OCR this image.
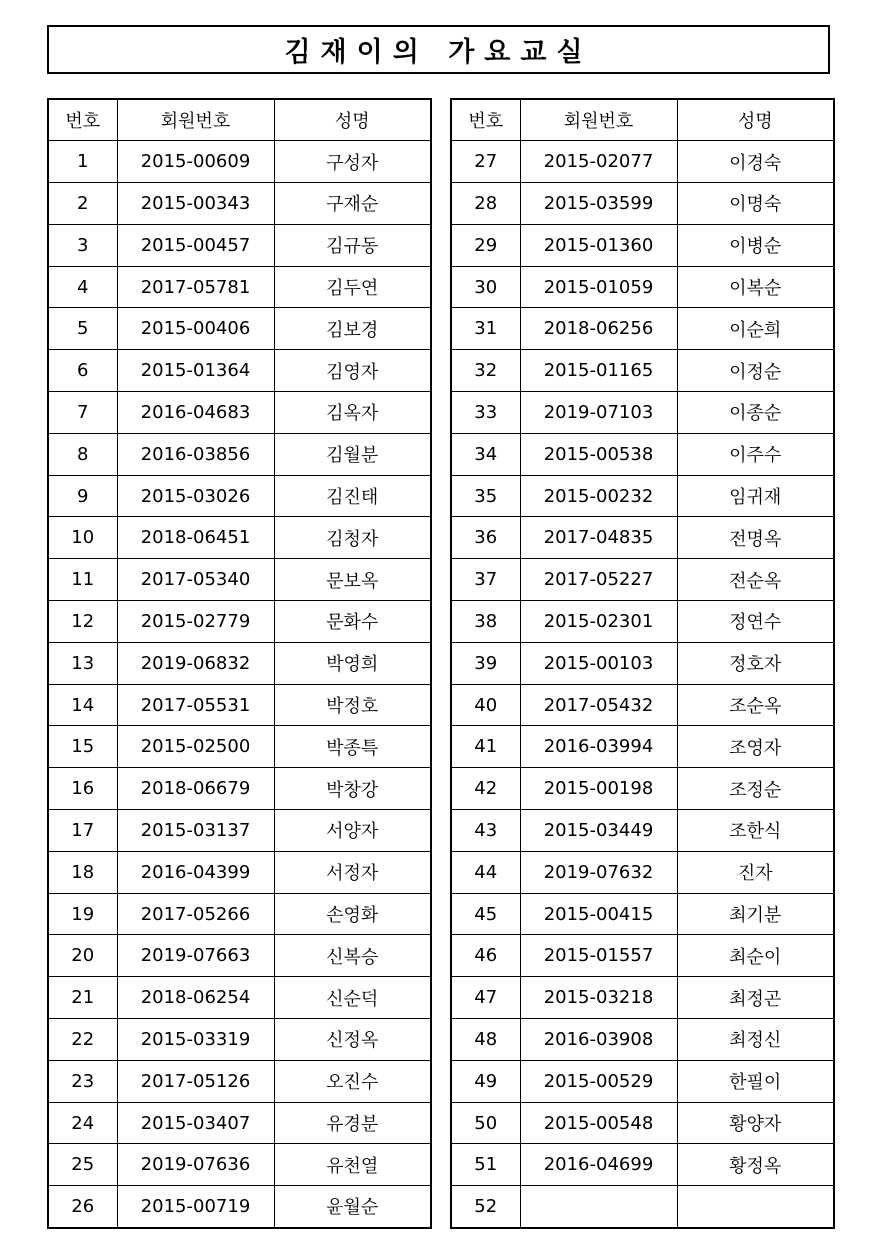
김재이의 가요교실
번호	회원번호	성명
1	2015-00609	구성자
2	2015-00343	구재순
3	2015-00457	김규동
4	2017-05781	김두연
5	2015-00406	김보경
6	2015-01364	김영자
7	2016-04683	김옥자
8	2016-03856	김월분
9	2015-03026	김진태
10	2018-06451	김청자
11	2017-05340	문보옥
12	2015-02779	문화수
13	2019-06832	박영희
14	2017-05531	박정호
15	2015-02500	박종특
16	2018-06679	박창강
17	2015-03137	서양자
18	2016-04399	서정자
19	2017-05266	손영화
20	2019-07663	신복승
21	2018-06254	신순덕
22	2015-03319	신정옥
23	2017-05126	오진수
24	2015-03407	유경분
25	2019-07636	유천열
26	2015-00719	윤월순
번호	회원번호	성명
27	2015-02077	이경숙
28	2015-03599	이명숙
29	2015-01360	이병순
30	2015-01059	이복순
31	2018-06256	이순희
32	2015-01165	이정순
33	2019-07103	이종순
34	2015-00538	이주수
35	2015-00232	임귀재
36	2017-04835	전명옥
37	2017-05227	전순옥
38	2015-02301	정연수
39	2015-00103	정호자
40	2017-05432	조순옥
41	2016-03994	조영자
42	2015-00198	조정순
43	2015-03449	조한식
44	2019-07632	진자
45	2015-00415	최기분
46	2015-01557	최순이
47	2015-03218	최정곤
48	2016-03908	최정신
49	2015-00529	한필이
50	2015-00548	황양자
51	2016-04699	황정옥
52		
